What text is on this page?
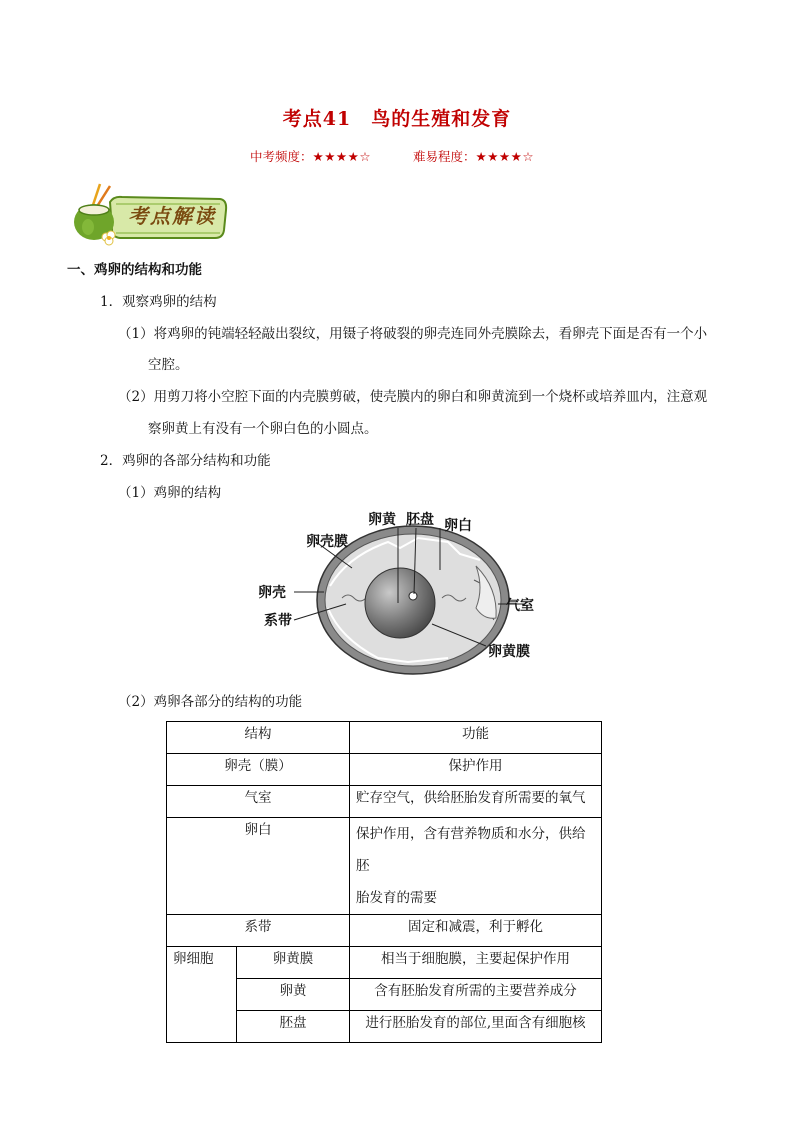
考点41　鸟的生殖和发育
中考频度：★★★★☆	难易程度：★★★★☆
考点解读
一、鸡卵的结构和功能
1．观察鸡卵的结构
（1）将鸡卵的钝端轻轻敲出裂纹，用镊子将破裂的卵壳连同外壳膜除去，看卵壳下面是否有一个小
空腔。
（2）用剪刀将小空腔下面的内壳膜剪破，使壳膜内的卵白和卵黄流到一个烧杯或培养皿内，注意观
察卵黄上有没有一个卵白色的小圆点。
2．鸡卵的各部分结构和功能
（1）鸡卵的结构
卵黄 胚盘 卵白
卵壳膜
卵壳
系带
气室
卵黄膜
（2）鸡卵各部分的结构的功能
结构		功能
卵壳（膜）		保护作用
气室		贮存空气，供给胚胎发育所需要的氧气
卵白		保护作用，含有营养物质和水分，供给胚
胎发育的需要

系带		固定和减震，利于孵化
卵细胞	卵黄膜	相当于细胞膜，主要起保护作用
	卵黄	含有胚胎发育所需的主要营养成分
	胚盘	进行胚胎发育的部位,里面含有细胞核
